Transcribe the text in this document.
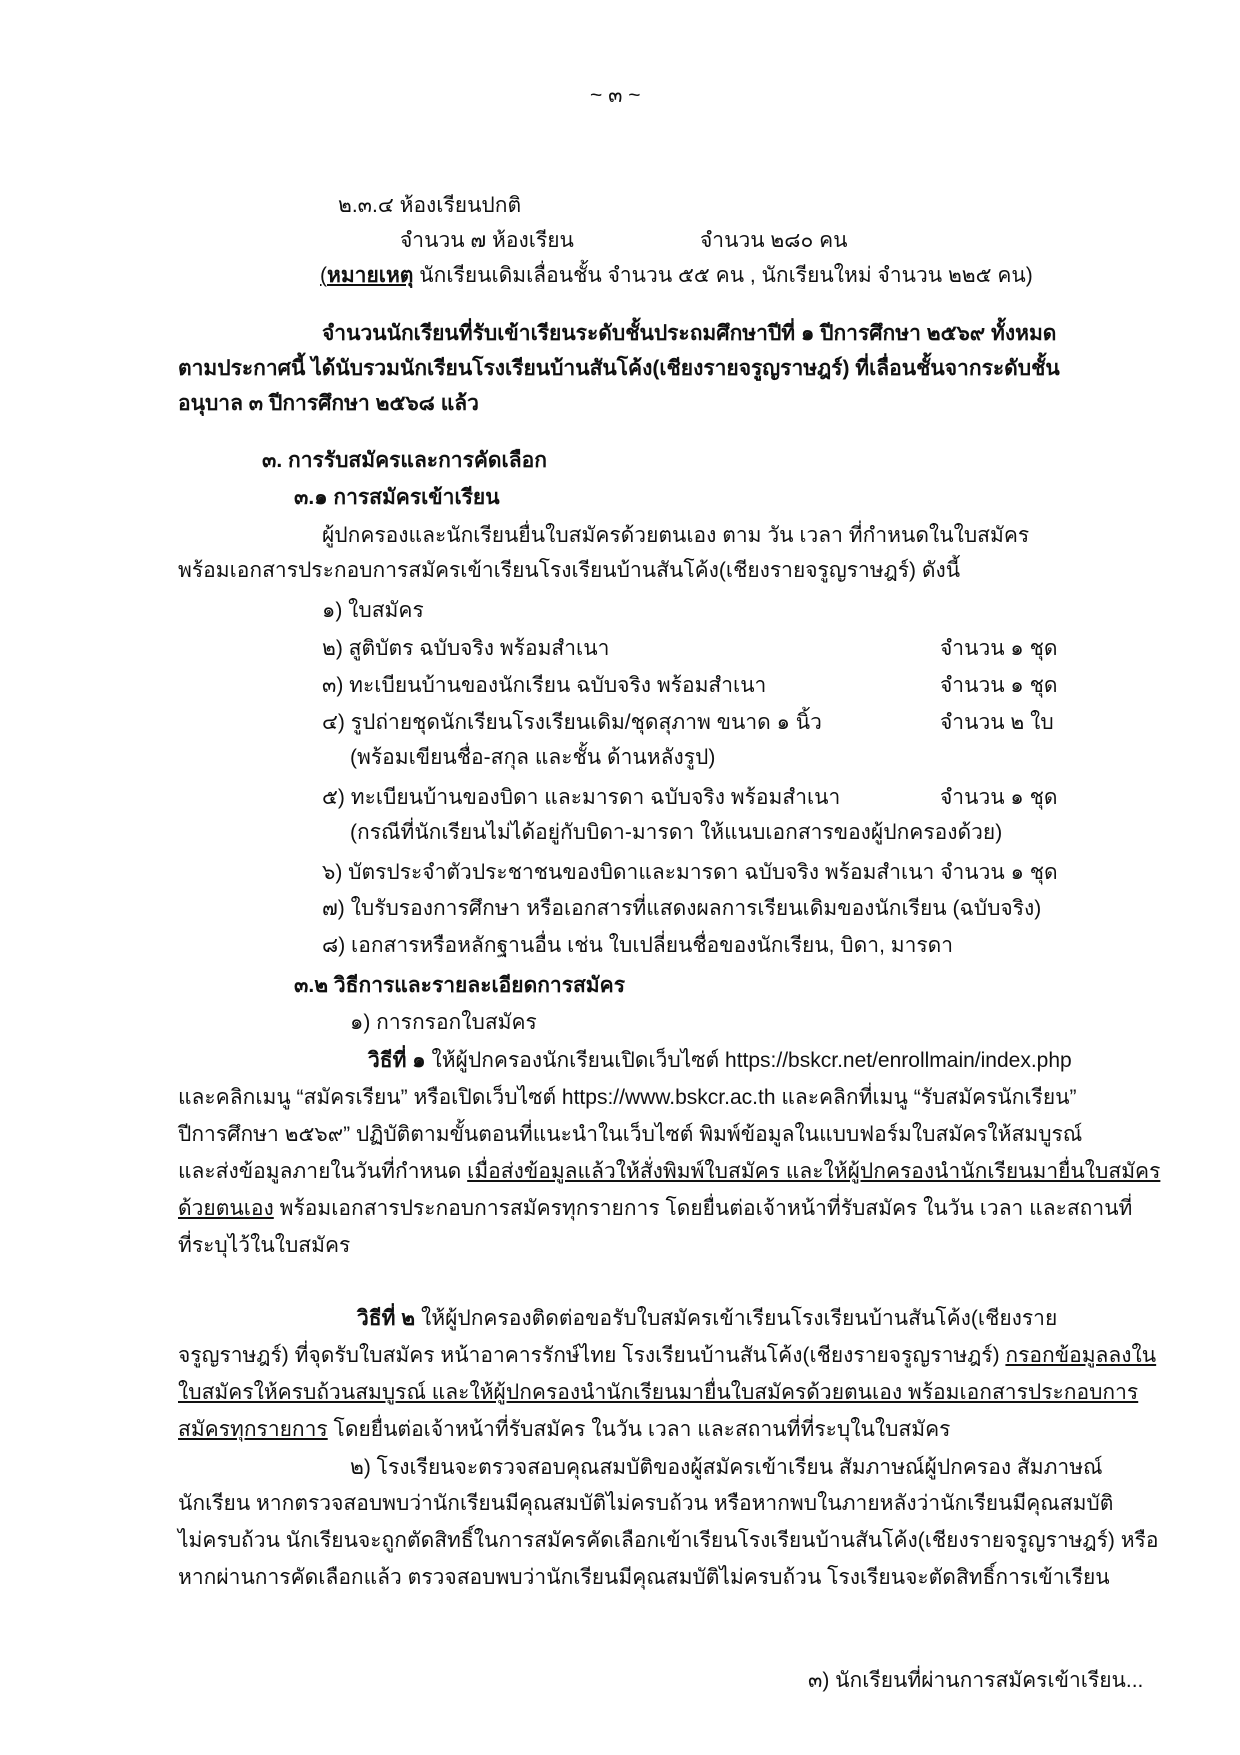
~ ๓ ~
๒.๓.๔ ห้องเรียนปกติ
จำนวน ๗ ห้องเรียน	จำนวน ๒๘๐ คน
(หมายเหตุ นักเรียนเดิมเลื่อนชั้น จำนวน ๕๕ คน , นักเรียนใหม่ จำนวน ๒๒๕ คน)
จำนวนนักเรียนที่รับเข้าเรียนระดับชั้นประถมศึกษาปีที่ ๑ ปีการศึกษา ๒๕๖๙ ทั้งหมด
ตามประกาศนี้ ได้นับรวมนักเรียนโรงเรียนบ้านสันโค้ง(เชียงรายจรูญราษฎร์) ที่เลื่อนชั้นจากระดับชั้น
อนุบาล ๓ ปีการศึกษา ๒๕๖๘ แล้ว
๓. การรับสมัครและการคัดเลือก
๓.๑ การสมัครเข้าเรียน
ผู้ปกครองและนักเรียนยื่นใบสมัครด้วยตนเอง ตาม วัน เวลา ที่กำหนดในใบสมัคร
พร้อมเอกสารประกอบการสมัครเข้าเรียนโรงเรียนบ้านสันโค้ง(เชียงรายจรูญราษฎร์) ดังนี้
๑) ใบสมัคร
๒) สูติบัตร ฉบับจริง พร้อมสำเนา	จำนวน ๑ ชุด
๓) ทะเบียนบ้านของนักเรียน ฉบับจริง พร้อมสำเนา	จำนวน ๑ ชุด
๔) รูปถ่ายชุดนักเรียนโรงเรียนเดิม/ชุดสุภาพ ขนาด ๑ นิ้ว	จำนวน ๒ ใบ
(พร้อมเขียนชื่อ-สกุล และชั้น ด้านหลังรูป)
๕) ทะเบียนบ้านของบิดา และมารดา ฉบับจริง พร้อมสำเนา	จำนวน ๑ ชุด
(กรณีที่นักเรียนไม่ได้อยู่กับบิดา-มารดา ให้แนบเอกสารของผู้ปกครองด้วย)
๖) บัตรประจำตัวประชาชนของบิดาและมารดา ฉบับจริง พร้อมสำเนา จำนวน ๑ ชุด
๗) ใบรับรองการศึกษา หรือเอกสารที่แสดงผลการเรียนเดิมของนักเรียน (ฉบับจริง)
๘) เอกสารหรือหลักฐานอื่น เช่น ใบเปลี่ยนชื่อของนักเรียน, บิดา, มารดา
๓.๒ วิธีการและรายละเอียดการสมัคร
๑) การกรอกใบสมัคร
วิธีที่ ๑ ให้ผู้ปกครองนักเรียนเปิดเว็บไซต์ https://bskcr.net/enrollmain/index.php
และคลิกเมนู “สมัครเรียน” หรือเปิดเว็บไซต์ https://www.bskcr.ac.th และคลิกที่เมนู “รับสมัครนักเรียน”
ปีการศึกษา ๒๕๖๙” ปฏิบัติตามขั้นตอนที่แนะนำในเว็บไซต์ พิมพ์ข้อมูลในแบบฟอร์มใบสมัครให้สมบูรณ์
และส่งข้อมูลภายในวันที่กำหนด เมื่อส่งข้อมูลแล้วให้สั่งพิมพ์ใบสมัคร และให้ผู้ปกครองนำนักเรียนมายื่นใบสมัคร
ด้วยตนเอง พร้อมเอกสารประกอบการสมัครทุกรายการ โดยยื่นต่อเจ้าหน้าที่รับสมัคร ในวัน เวลา และสถานที่
ที่ระบุไว้ในใบสมัคร
วิธีที่ ๒ ให้ผู้ปกครองติดต่อขอรับใบสมัครเข้าเรียนโรงเรียนบ้านสันโค้ง(เชียงราย
จรูญราษฎร์) ที่จุดรับใบสมัคร หน้าอาคารรักษ์ไทย โรงเรียนบ้านสันโค้ง(เชียงรายจรูญราษฎร์) กรอกข้อมูลลงใน
ใบสมัครให้ครบถ้วนสมบูรณ์ และให้ผู้ปกครองนำนักเรียนมายื่นใบสมัครด้วยตนเอง พร้อมเอกสารประกอบการ
สมัครทุกรายการ โดยยื่นต่อเจ้าหน้าที่รับสมัคร ในวัน เวลา และสถานที่ที่ระบุในใบสมัคร
๒) โรงเรียนจะตรวจสอบคุณสมบัติของผู้สมัครเข้าเรียน สัมภาษณ์ผู้ปกครอง สัมภาษณ์
นักเรียน หากตรวจสอบพบว่านักเรียนมีคุณสมบัติไม่ครบถ้วน หรือหากพบในภายหลังว่านักเรียนมีคุณสมบัติ
ไม่ครบถ้วน นักเรียนจะถูกตัดสิทธิ์ในการสมัครคัดเลือกเข้าเรียนโรงเรียนบ้านสันโค้ง(เชียงรายจรูญราษฎร์) หรือ
หากผ่านการคัดเลือกแล้ว ตรวจสอบพบว่านักเรียนมีคุณสมบัติไม่ครบถ้วน โรงเรียนจะตัดสิทธิ์การเข้าเรียน
๓) นักเรียนที่ผ่านการสมัครเข้าเรียน...
